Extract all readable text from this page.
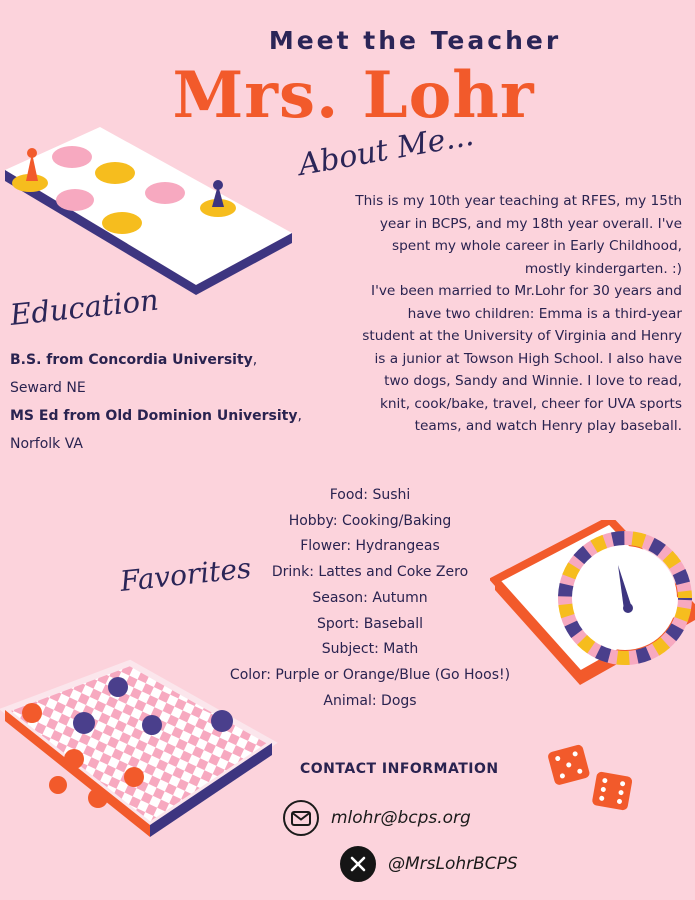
Meet the Teacher
Mrs. Lohr
About Me...
This is my 10th year teaching at RFES, my 15th
year in BCPS, and my 18th year overall. I've
spent my whole career in Early Childhood,
mostly kindergarten. :)
I've been married to Mr.Lohr for 30 years and
have two children: Emma is a third-year
student at the University of Virginia and Henry
is a junior at Towson High School. I also have
two dogs, Sandy and Winnie. I love to read,
knit, cook/bake, travel, cheer for UVA sports
teams, and watch Henry play baseball.
Education
B.S. from Concordia University,
Seward NE
MS Ed from Old Dominion University,
Norfolk VA
Favorites
Food: Sushi
Hobby: Cooking/Baking
Flower: Hydrangeas
Drink: Lattes and Coke Zero
Season: Autumn
Sport: Baseball
Subject: Math
Color: Purple or Orange/Blue (Go Hoos!)
Animal: Dogs
CONTACT INFORMATION
mlohr@bcps.org
@MrsLohrBCPS
